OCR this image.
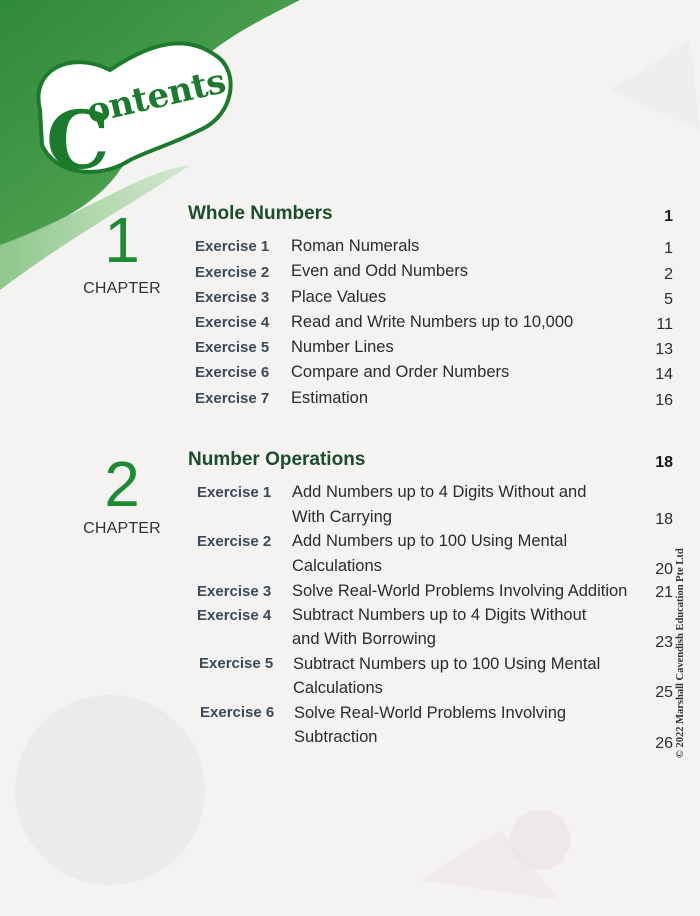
C
ontents
1
CHAPTER
Whole Numbers	1
Exercise 1 Roman Numerals	1
Exercise 2 Even and Odd Numbers	2
Exercise 3 Place Values	5
Exercise 4 Read and Write Numbers up to 10,000	11
Exercise 5 Number Lines	13
Exercise 6 Compare and Order Numbers	14
Exercise 7 Estimation	16
2
CHAPTER
Number Operations	18
Exercise 1 Add Numbers up to 4 Digits Without and
With Carrying	18
Exercise 2 Add Numbers up to 100 Using Mental
Calculations	20
Exercise 3 Solve Real-World Problems Involving Addition	21
Exercise 4 Subtract Numbers up to 4 Digits Without
and With Borrowing	23
Exercise 5 Subtract Numbers up to 100 Using Mental
Calculations	25
Exercise 6 Solve Real-World Problems Involving
Subtraction	26 © 2022 Marshall Cavendish Education Pte Ltd
